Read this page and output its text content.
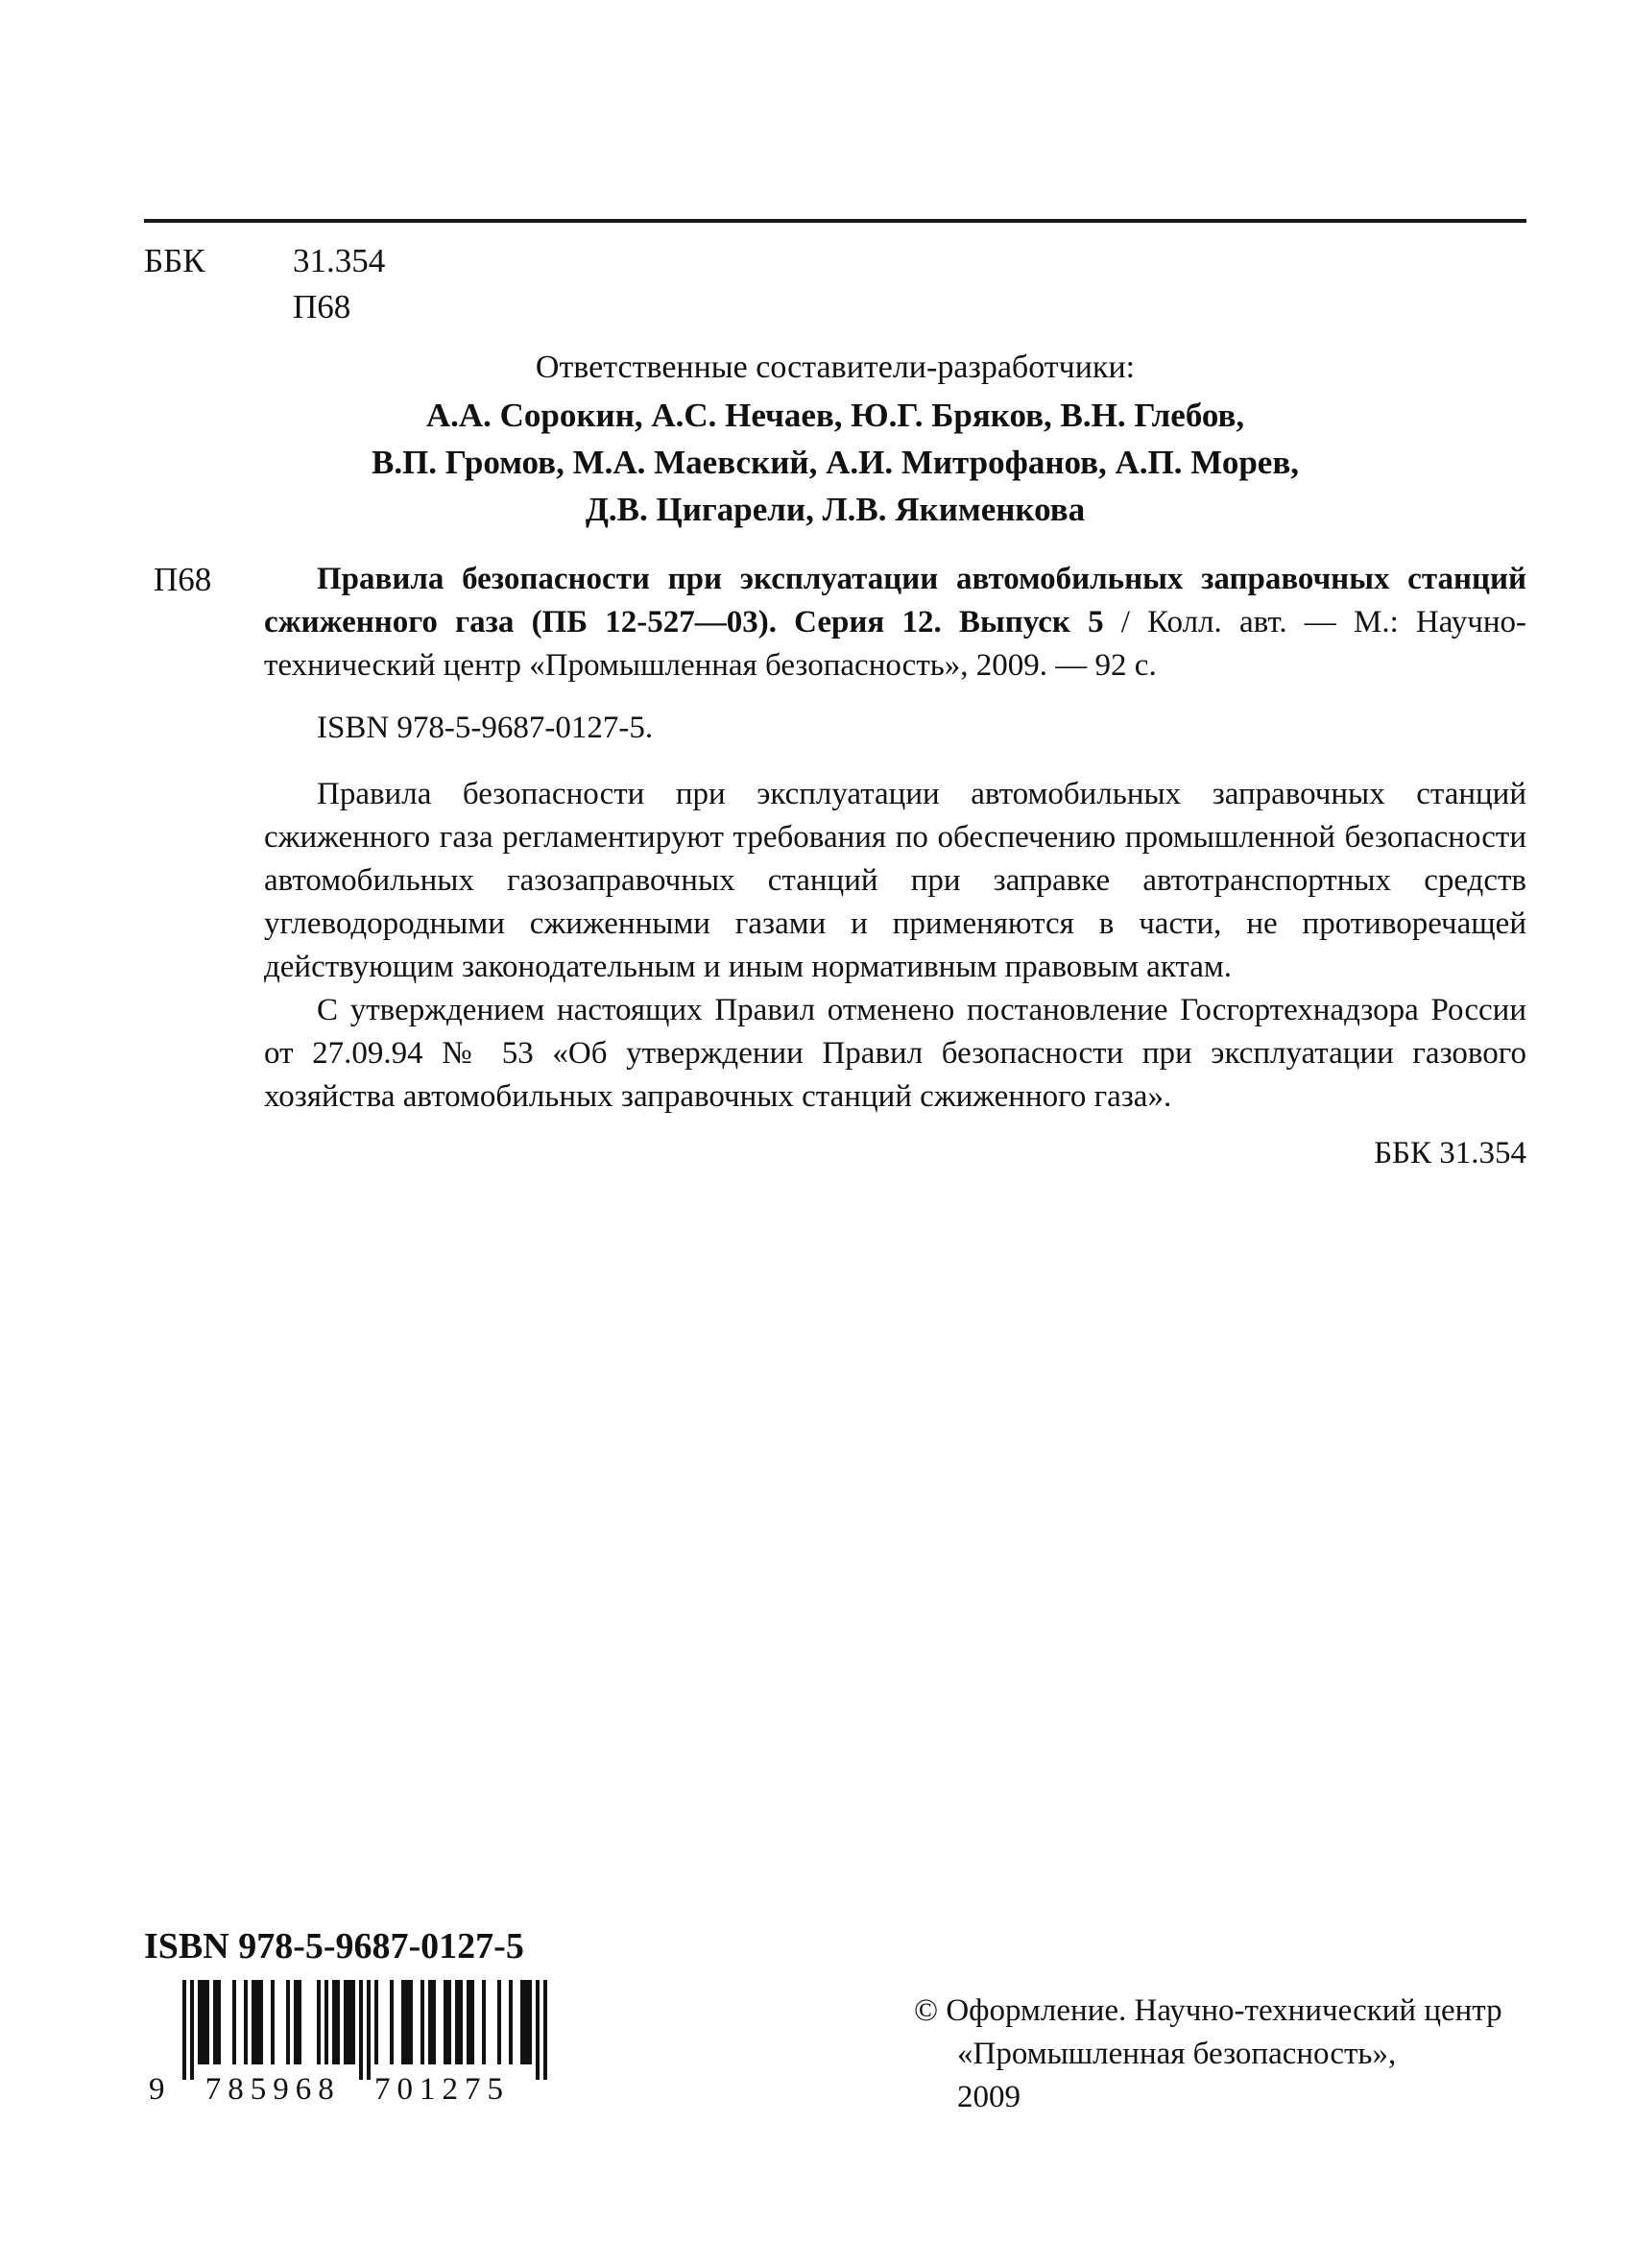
ББК	31.354
П68
Ответственные составители-разработчики:
А.А. Сорокин, А.С. Нечаев, Ю.Г. Бряков, В.Н. Глебов,
В.П. Громов, М.А. Маевский, А.И. Митрофанов, А.П. Морев,
Д.В. Цигарели, Л.В. Якименкова

П68	Правила безопасности при эксплуатации автомобильных заправочных станций сжиженного газа (ПБ 12-527—03). Серия 12. Выпуск 5 / Колл. авт. — М.: Научно-технический центр «Промышленная безопасность», 2009. — 92 с.

ISBN 978-5-9687-0127-5.

Правила безопасности при эксплуатации автомобильных заправочных станций сжиженного газа регламентируют требования по обеспечению промышленной безопасности автомобильных газозаправочных станций при заправке автотранспортных средств углеводородными сжиженными газами и применяются в части, не противоречащей действующим законодательным и иным нормативным правовым актам.

С утверждением настоящих Правил отменено постановление Госгортехнадзора России от 27.09.94 № 53 «Об утверждении Правил безопасности при эксплуатации газового хозяйства автомобильных заправочных станций сжиженного газа».

ББК 31.354

ISBN 978-5-9687-0127-5
9 785968 701275
© Оформление. Научно-технический центр
«Промышленная безопасность»,
2009
